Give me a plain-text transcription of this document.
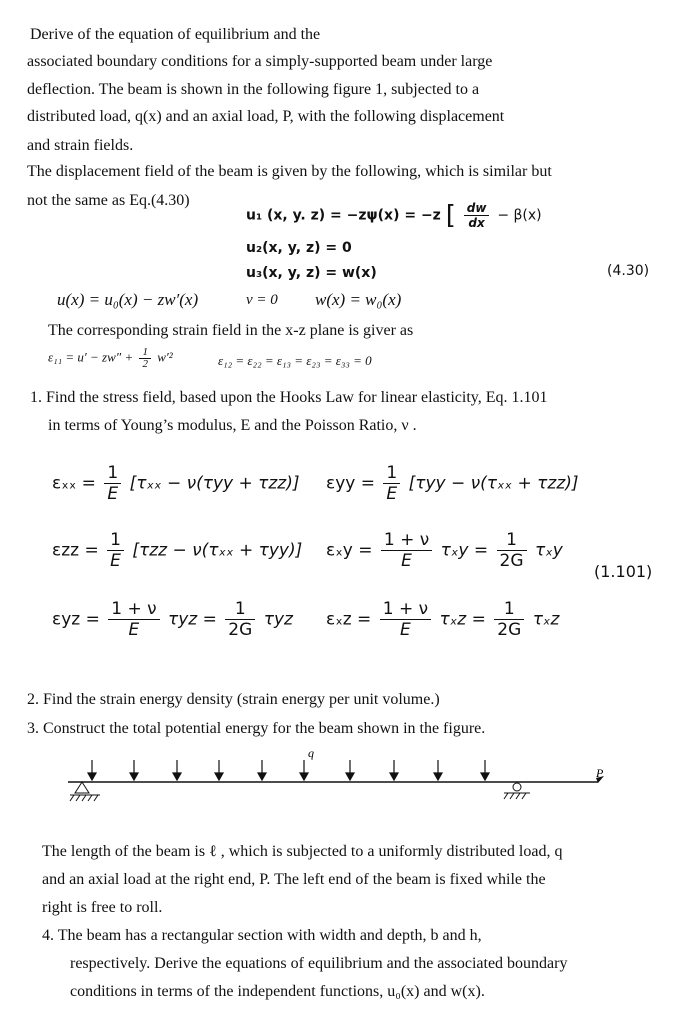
Derive of the equation of equilibrium and the
associated boundary conditions for a simply-supported beam under large
deflection. The beam is shown in the following figure 1, subjected to a
distributed load, q(x) and an axial load, P, with the following displacement
and strain fields.
The displacement field of the beam is given by the following, which is similar but
not the same as Eq.(4.30)
u₁ (x, y. z) = −zψ(x) = −z [ $\frac{dw}{dx} - \beta(x)$
u₂(x, y, z) = 0
u₃(x, y, z) = w(x)	(4.30)
u(x) = u₀(x) − zw′(x)	v = 0 w(x) = w₀(x)
The corresponding strain field in the x-z plane is giver as
$\varepsilon_{11} = u' - zw'' + \frac{1}{2} w'^2$	ε₁₂ = ε₂₂ = ε₁₃ = ε₂₃ = ε₃₃ = 0
1. Find the stress field, based upon the Hooks Law for linear elasticity, Eq. 1.101
in terms of Young’s modulus, E and the Poisson Ratio, ν .
$\varepsilon_{xx} = \frac{1}{E} [\tau_{xx} - \nu(\tau yy + \tau zz)] \varepsilon yy = \frac{1}{E} [\tau yy - \nu(\tau_{xx} + \tau zz)]$
$\varepsilon zz = \frac{1}{E} [\tau zz - \nu(\tau_{xx} + \tau yy)] \varepsilon_xy = \frac{1 + \nu}{E}$ $\tau_xy = \frac{1}{2G}$ τₓy
(1.101)
$\varepsilon yz = \frac{1 + \nu}{E}$ $\tau yz = \frac{1}{2G}$ τyz $\varepsilon_xz = \frac{1 + \nu}{E}$ $\tau_xz = \frac{1}{2G}$ τₓz
2. Find the strain energy density (strain energy per unit volume.)
3. Construct the total potential energy for the beam shown in the figure.
q
P
The length of the beam is ℓ , which is subjected to a uniformly distributed load, q
and an axial load at the right end, P. The left end of the beam is fixed while the
right is free to roll.
4. The beam has a rectangular section with width and depth, b and h,
respectively. Derive the equations of equilibrium and the associated boundary
conditions in terms of the independent functions, u₀(x) and w(x).
